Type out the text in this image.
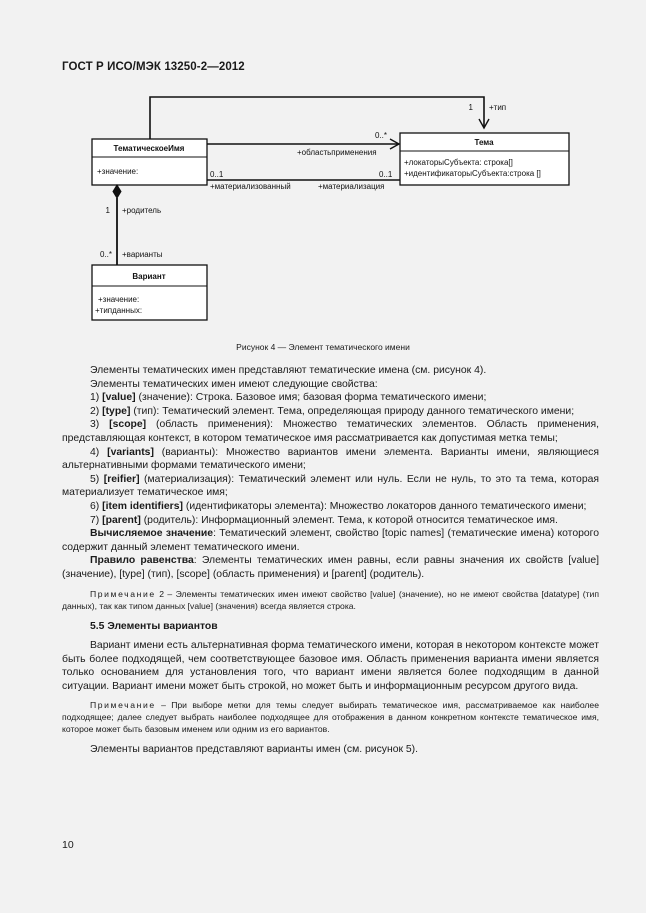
ГОСТ Р ИСО/МЭК 13250-2—2012
ТематическоеИмя
+значение:
Тема
+локаторыСубъекта: строка[]
+идентификаторыСубъекта:строка []
Вариант
+значение:
+типданных:
1 +тип
0..*
+областьприменения
0..1	0..1
+материализованный	+материализация
1 +родитель
0..* +варианты
Рисунок 4 — Элемент тематического имени

Элементы тематических имен представляют тематические имена (см. рисунок 4).

Элементы тематических имен имеют следующие свойства:

1) [value] (значение): Строка. Базовое имя; базовая форма тематического имени;

2) [type] (тип): Тематический элемент. Тема, определяющая природу данного тематического имени;

3) [scope] (область применения): Множество тематических элементов. Область применения, представляющая контекст, в котором тематическое имя рассматривается как допустимая метка темы;

4) [variants] (варианты): Множество вариантов имени элемента. Варианты имени, являющиеся альтернативными формами тематического имени;

5) [reifier] (материализация): Тематический элемент или нуль. Если не нуль, то это та тема, которая материализует тематическое имя;

6) [item identifiers] (идентификаторы элемента): Множество локаторов данного тематического имени;

7) [parent] (родитель): Информационный элемент. Тема, к которой относится тематическое имя.

Вычисляемое значение: Тематический элемент, свойство [topic names] (тематические имена) которого содержит данный элемент тематического имени.

Правило равенства: Элементы тематических имен равны, если равны значения их свойств [value] (значение), [type] (тип), [scope] (область применения) и [parent] (родитель).

Примечание 2 – Элементы тематических имен имеют свойство [value] (значение), но не имеют свойства [datatype] (тип данных), так как типом данных [value] (значения) всегда является строка.

5.5 Элементы вариантов

Вариант имени есть альтернативная форма тематического имени, которая в некотором контексте может быть более подходящей, чем соответствующее базовое имя. Область применения варианта имени является только основанием для установления того, что вариант имени является более подходящим в данной ситуации. Вариант имени может быть строкой, но может быть и информационным ресурсом другого вида.

Примечание – При выборе метки для темы следует выбирать тематическое имя, рассматриваемое как наиболее подходящее; далее следует выбрать наиболее подходящее для отображения в данном конкретном контексте тематическое имя, которое может быть базовым именем или одним из его вариантов.

Элементы вариантов представляют варианты имен (см. рисунок 5).

10
